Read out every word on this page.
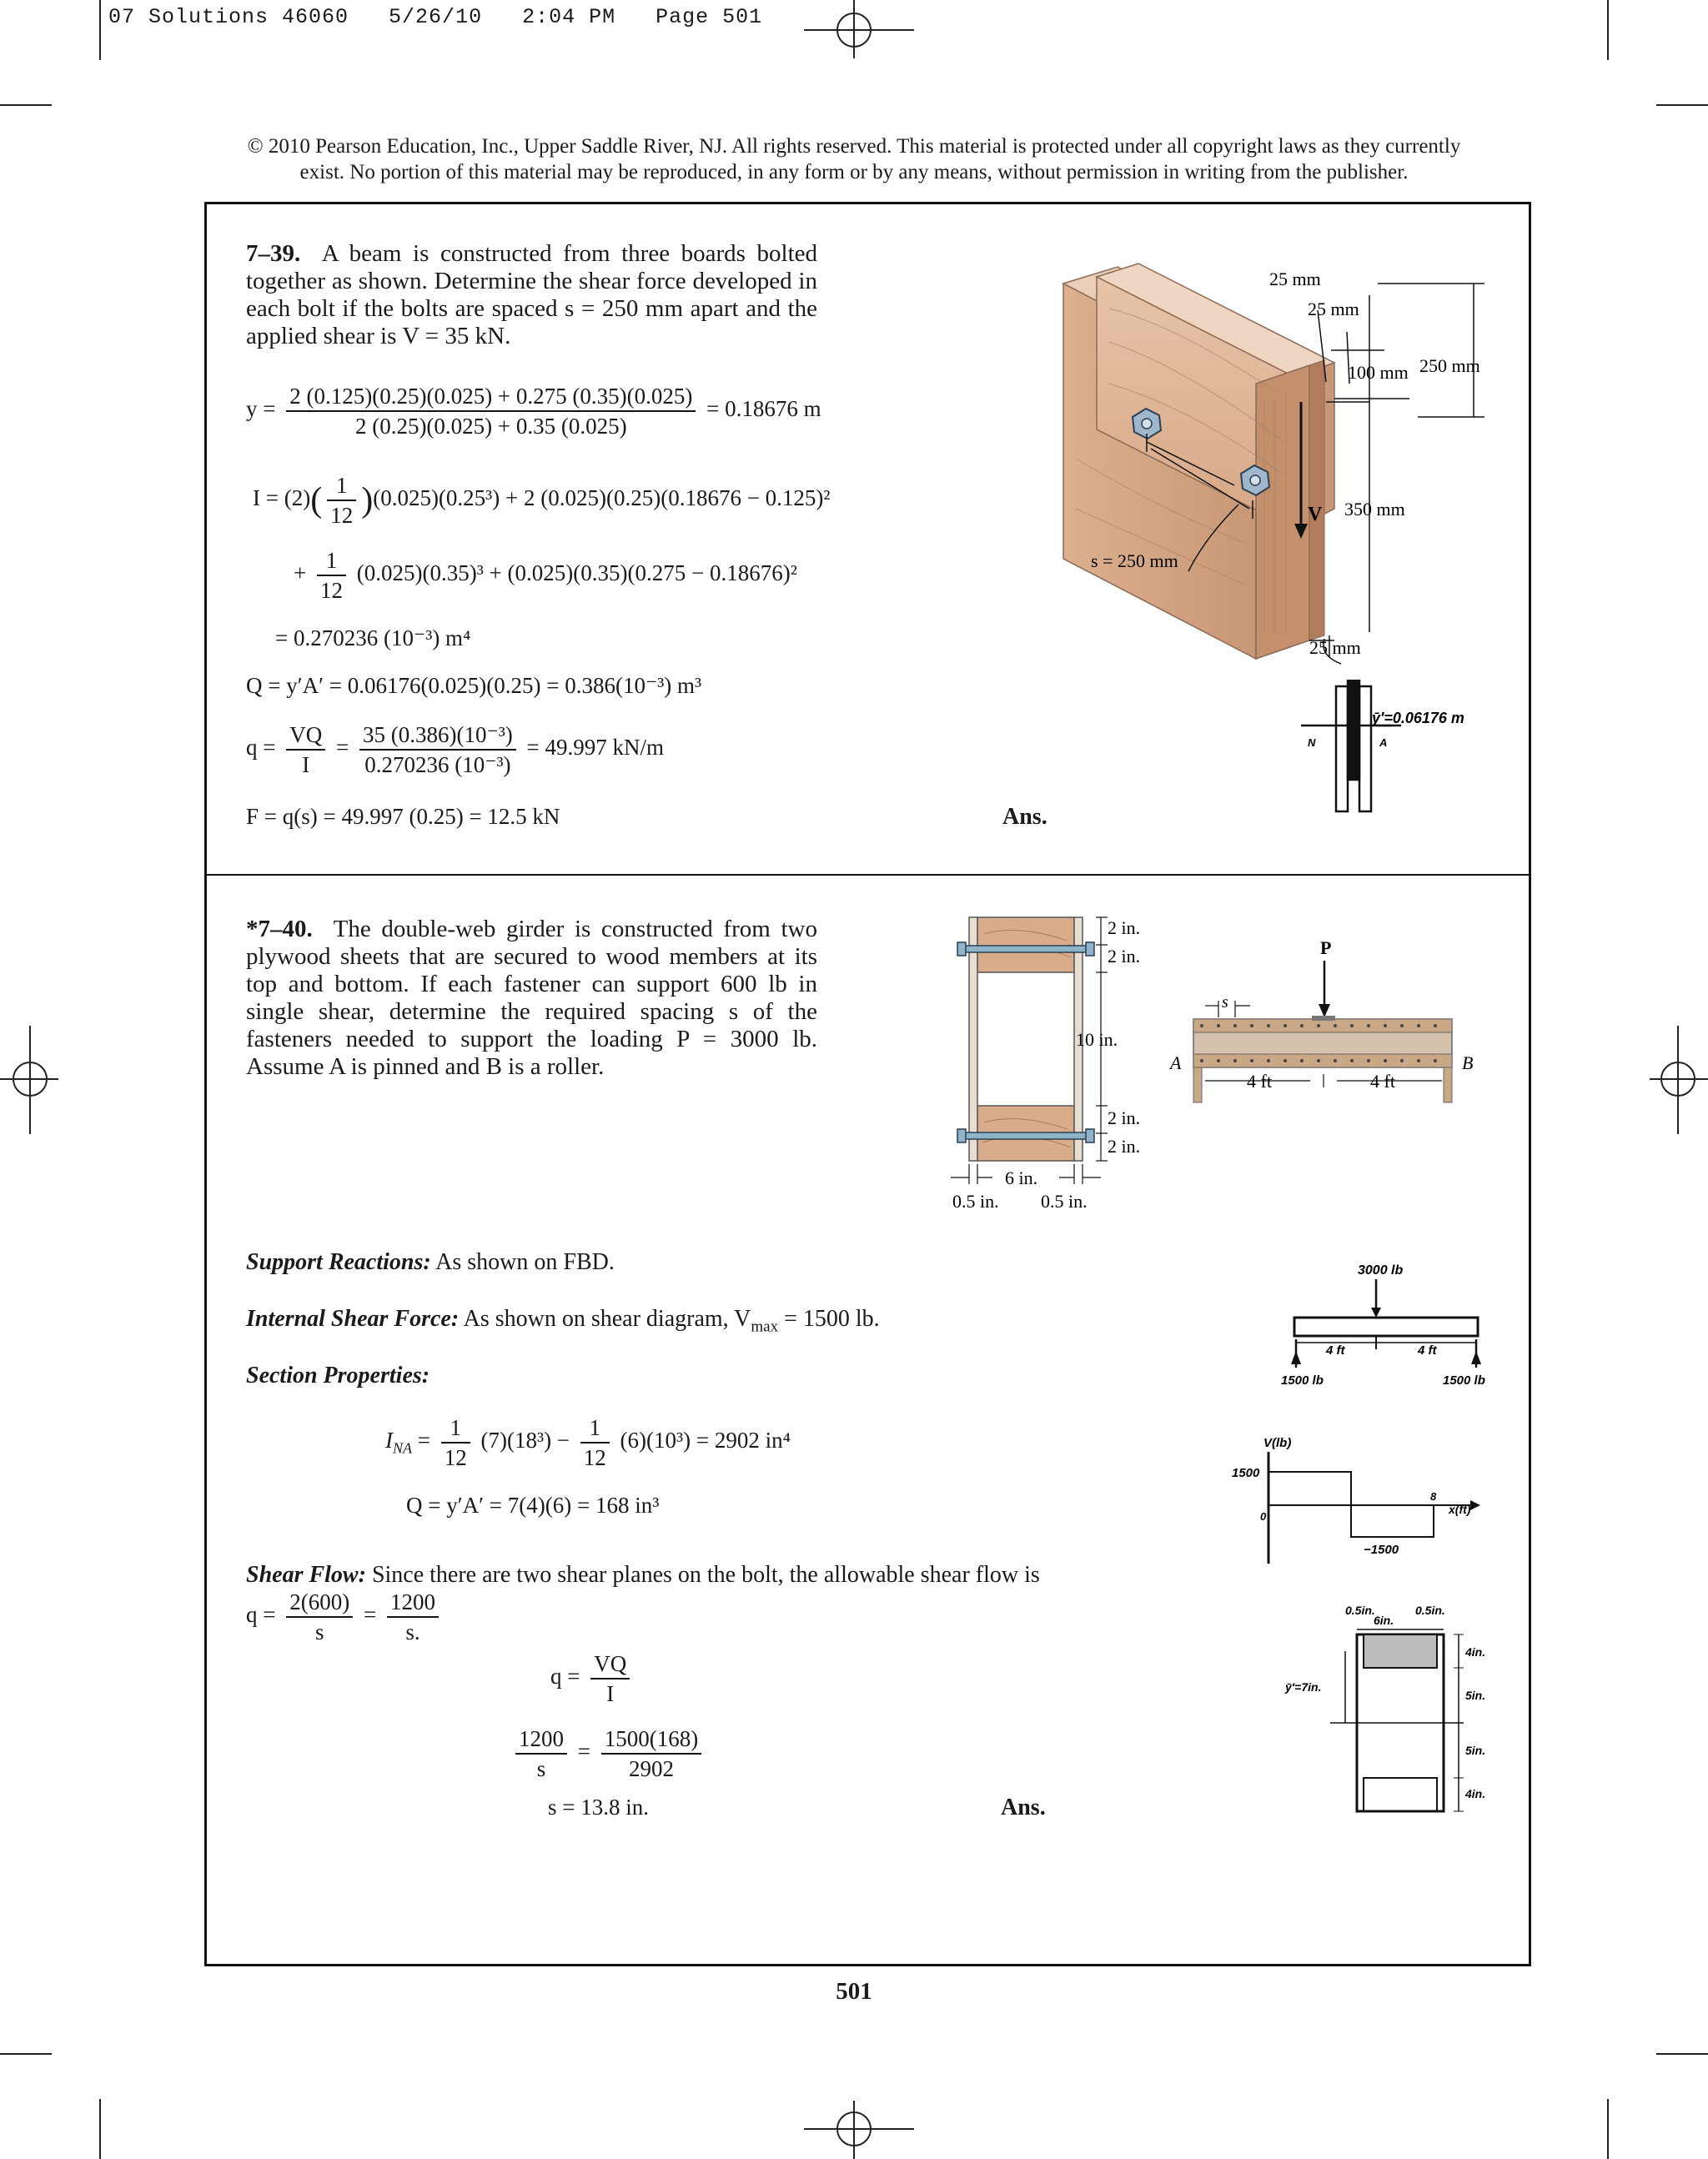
07 Solutions 46060   5/26/10   2:04 PM   Page 501
© 2010 Pearson Education, Inc., Upper Saddle River, NJ. All rights reserved. This material is protected under all copyright laws as they currently
exist. No portion of this material may be reproduced, in any form or by any means, without permission in writing from the publisher.
7–39. A beam is constructed from three boards bolted together as shown. Determine the shear force developed in each bolt if the bolts are spaced s = 250 mm apart and the applied shear is V = 35 kN.
$y = \frac{2 (0.125)(0.25)(0.025) + 0.275 (0.35)(0.025)}{2 (0.25)(0.025) + 0.35 (0.025)} = 0.18676$ m
$I = (2)( \frac{1}{12} )(0.025)(0.25^3) + 2$ (0.025)(0.25)(0.18676 − 0.125)²
+ $\frac{1}{12} (0.025)(0.35)^3 + (0.025)(0.35)(0.275 - 0.18676)^2$
= 0.270236 (10⁻³) m⁴
Q = y′A′ = 0.06176(0.025)(0.25) = 0.386(10⁻³) m³
$q = \frac{VQ}{I} = \frac{\text{35 (0.386)(10⁻³)}}{\text{0.270236 (10⁻³)}} = 49.997$ kN/m
F = q(s) = 49.997 (0.25) = 12.5 kN	Ans.
25 mm
25 mm
100 mm 250 mm
350 mm
V
25 mm
s = 250 mm
ȳ′=0.06176 m
N	A
*7–40. The double-web girder is constructed from two plywood sheets that are secured to wood members at its top and bottom. If each fastener can support 600 lb in single shear, determine the required spacing s of the fasteners needed to support the loading P = 3000 lb. Assume A is pinned and B is a roller.
2 in.
2 in.
10 in.
2 in.
2 in.
6 in.
0.5 in. 0.5 in.
P
s
A	B
4 ft	4 ft
Support Reactions: As shown on FBD.
Internal Shear Force: As shown on shear diagram, $V_{max} = 1500$ lb.
Section Properties:
$I_{NA} = \frac{1}{12} (7)(18^3) - \frac{1}{12} (6)(10^3) = 2902$ in⁴
Q = y′A′ = 7(4)(6) = 168 in³
Shear Flow: Since there are two shear planes on the bolt, the allowable shear flow is
$q = \frac{2(600)}{s} = \frac{1200}{s.}$
$q = \frac{VQ}{I}$
$\frac{1200}{s} = \frac{1500(168)}{2902}$
s = 13.8 in.	Ans.
3000 lb
4 ft	4 ft
1500 lb	1500 lb
V(lb)
1500
−1500
0
8
x(ft)
0.5in.
6in.
0.5in.
4in.
5in.
5in.
4in.
ȳ′=7in.
501
